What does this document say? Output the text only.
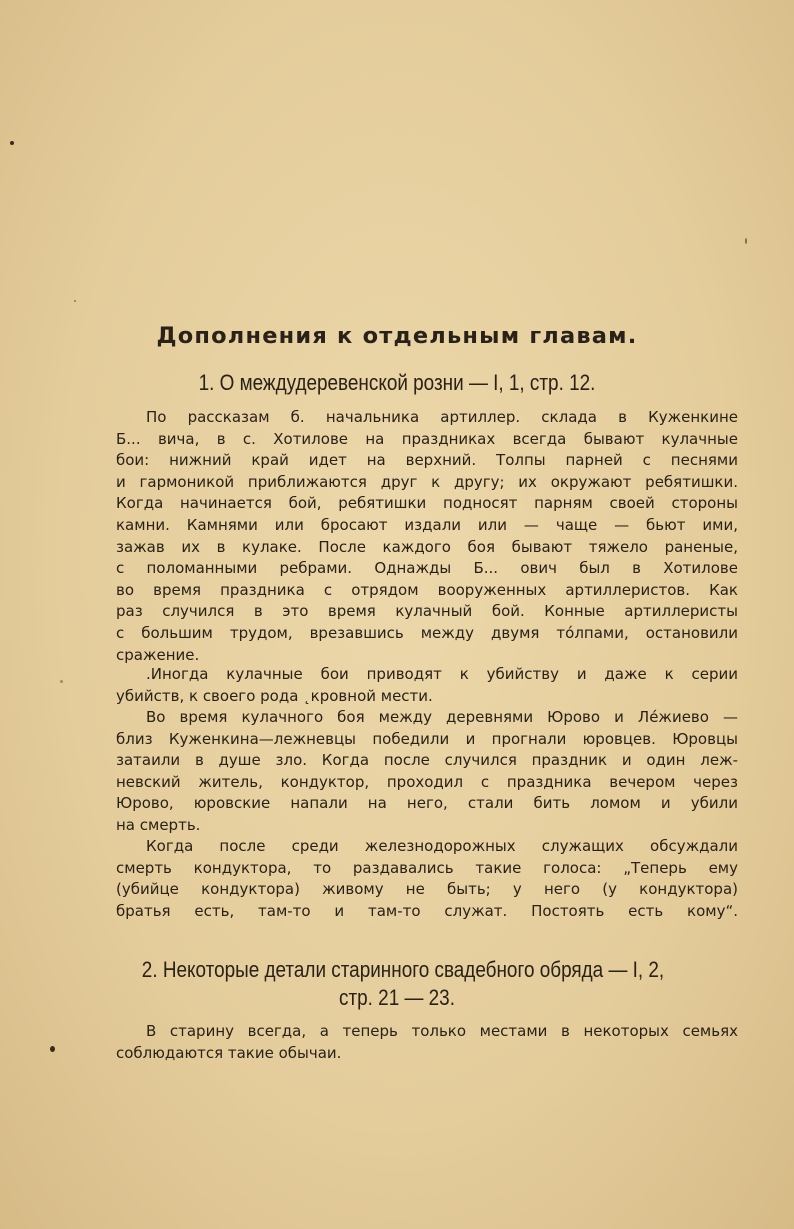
Дополнения к отдельным главам.
1. О междудеревенской розни — I, 1, стр. 12.
По рассказам б. начальника артиллер. склада в Куженкине
Б... вича, в с. Хотилове на праздниках всегда бывают кулачные
бои: нижний край идет на верхний. Толпы парней с песнями
и гармоникой приближаются друг к другу; их окружают ребятишки.
Когда начинается бой, ребятишки подносят парням своей стороны
камни. Камнями или бросают издали или — чаще — бьют ими,
зажав их в кулаке. После каждого боя бывают тяжело раненые,
с поломанными ребрами. Однажды Б... ович был в Хотилове
во время праздника с отрядом вооруженных артиллеристов. Как
раз случился в это время кулачный бой. Конные артиллеристы
с большим трудом, врезавшись между двумя тóлпами, остановили
сражение.
.Иногда кулачные бои приводят к убийству и даже к серии
убийств, к своего рода ˛кровной мести.
Во время кулачного боя между деревнями Юрово и Лéжиево —
близ Куженкина—лежневцы победили и прогнали юровцев. Юровцы
затаили в душе зло. Когда после случился праздник и один леж-
невский житель, кондуктор, проходил с праздника вечером через
Юрово, юровские напали на него, стали бить ломом и убили
на смерть.
Когда после среди железнодорожных служащих обсуждали
смерть кондуктора, то раздавались такие голоса: „Теперь ему
(убийце кондуктора) живому не быть; у него (у кондуктора)
братья есть, там-то и там-то служат. Постоять есть кому“.
2. Некоторые детали старинного свадебного обряда — I, 2,
стр. 21 — 23.
В старину всегда, а теперь только местами в некоторых семьях
соблюдаются такие обычаи.
